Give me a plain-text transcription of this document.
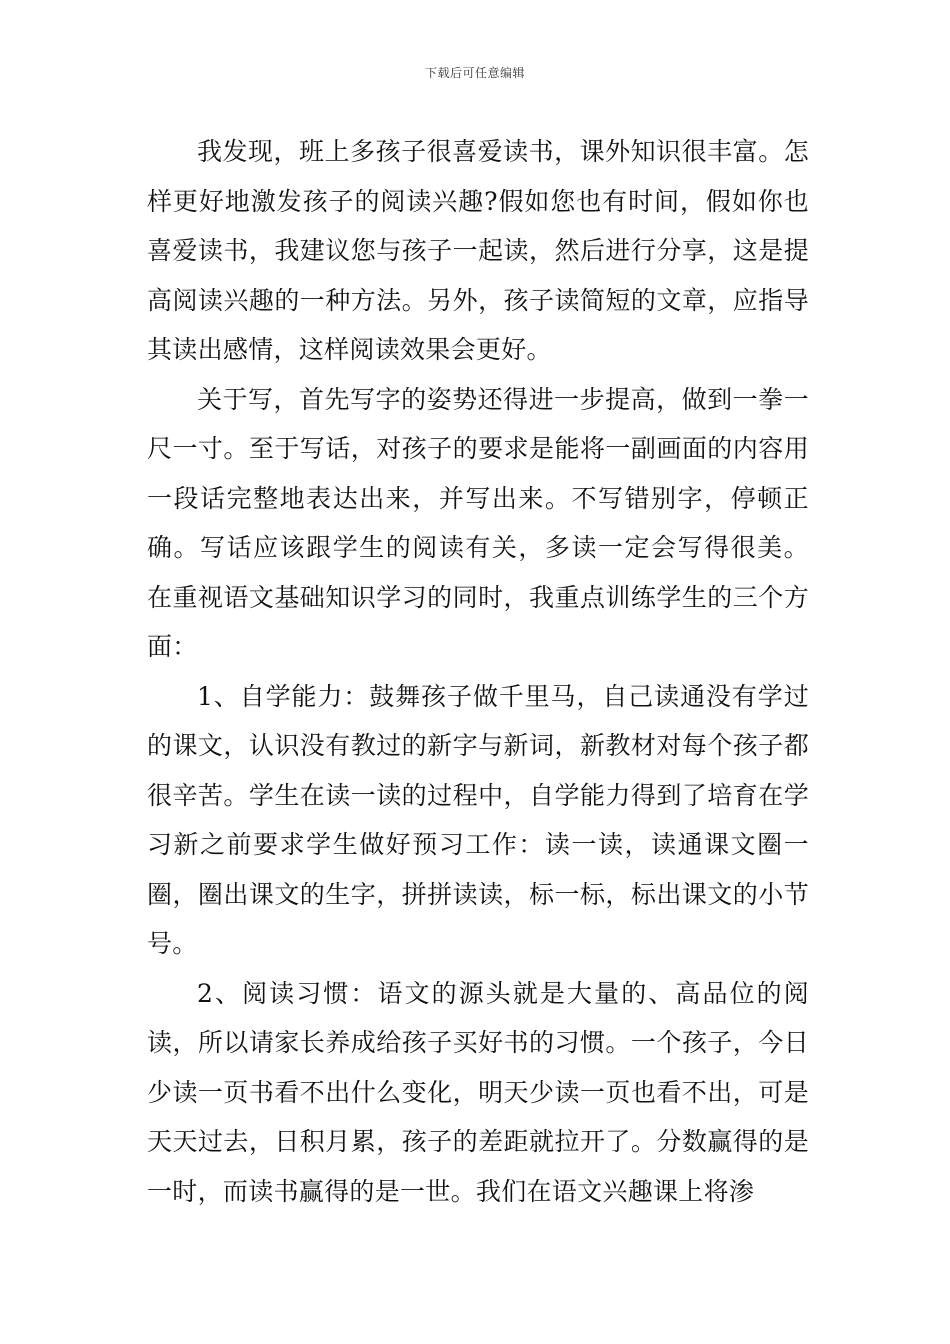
下载后可任意编辑

我发现，班上多孩子很喜爱读书，课外知识很丰富。怎样更好地激发孩子的阅读兴趣?假如您也有时间，假如你也喜爱读书，我建议您与孩子一起读，然后进行分享，这是提高阅读兴趣的一种方法。另外，孩子读简短的文章，应指导其读出感情，这样阅读效果会更好。

关于写，首先写字的姿势还得进一步提高，做到一拳一尺一寸。至于写话，对孩子的要求是能将一副画面的内容用一段话完整地表达出来，并写出来。不写错别字，停顿正确。写话应该跟学生的阅读有关，多读一定会写得很美。 在重视语文基础知识学习的同时，我重点训练学生的三个方面：

1、自学能力：鼓舞孩子做千里马，自己读通没有学过的课文，认识没有教过的新字与新词，新教材对每个孩子都很辛苦。学生在读一读的过程中，自学能力得到了培育在学习新之前要求学生做好预习工作：读一读，读通课文圈一圈，圈出课文的生字，拼拼读读，标一标，标出课文的小节号。

2、阅读习惯：语文的源头就是大量的、高品位的阅读，所以请家长养成给孩子买好书的习惯。一个孩子，今日少读一页书看不出什么变化，明天少读一页也看不出，可是天天过去，日积月累，孩子的差距就拉开了。分数赢得的是一时，而读书赢得的是一世。我们在语文兴趣课上将渗
